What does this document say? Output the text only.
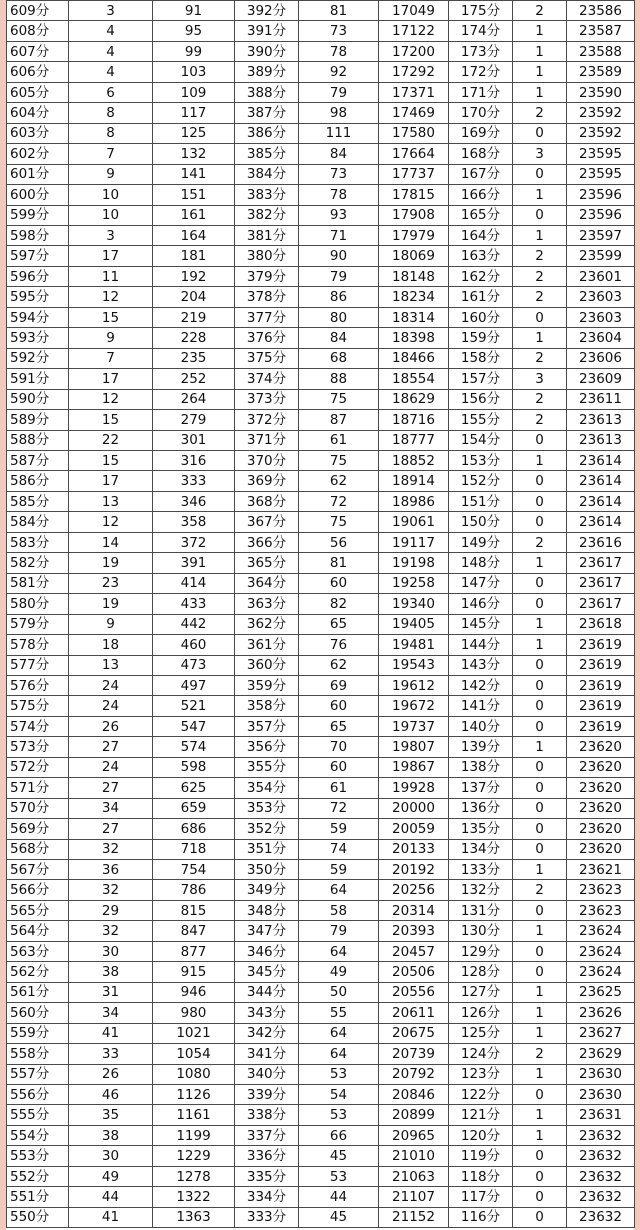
609分	3	91	392分	81	17049	175分	2	23586
608分	4	95	391分	73	17122	174分	1	23587
607分	4	99	390分	78	17200	173分	1	23588
606分	4	103	389分	92	17292	172分	1	23589
605分	6	109	388分	79	17371	171分	1	23590
604分	8	117	387分	98	17469	170分	2	23592
603分	8	125	386分	111	17580	169分	0	23592
602分	7	132	385分	84	17664	168分	3	23595
601分	9	141	384分	73	17737	167分	0	23595
600分	10	151	383分	78	17815	166分	1	23596
599分	10	161	382分	93	17908	165分	0	23596
598分	3	164	381分	71	17979	164分	1	23597
597分	17	181	380分	90	18069	163分	2	23599
596分	11	192	379分	79	18148	162分	2	23601
595分	12	204	378分	86	18234	161分	2	23603
594分	15	219	377分	80	18314	160分	0	23603
593分	9	228	376分	84	18398	159分	1	23604
592分	7	235	375分	68	18466	158分	2	23606
591分	17	252	374分	88	18554	157分	3	23609
590分	12	264	373分	75	18629	156分	2	23611
589分	15	279	372分	87	18716	155分	2	23613
588分	22	301	371分	61	18777	154分	0	23613
587分	15	316	370分	75	18852	153分	1	23614
586分	17	333	369分	62	18914	152分	0	23614
585分	13	346	368分	72	18986	151分	0	23614
584分	12	358	367分	75	19061	150分	0	23614
583分	14	372	366分	56	19117	149分	2	23616
582分	19	391	365分	81	19198	148分	1	23617
581分	23	414	364分	60	19258	147分	0	23617
580分	19	433	363分	82	19340	146分	0	23617
579分	9	442	362分	65	19405	145分	1	23618
578分	18	460	361分	76	19481	144分	1	23619
577分	13	473	360分	62	19543	143分	0	23619
576分	24	497	359分	69	19612	142分	0	23619
575分	24	521	358分	60	19672	141分	0	23619
574分	26	547	357分	65	19737	140分	0	23619
573分	27	574	356分	70	19807	139分	1	23620
572分	24	598	355分	60	19867	138分	0	23620
571分	27	625	354分	61	19928	137分	0	23620
570分	34	659	353分	72	20000	136分	0	23620
569分	27	686	352分	59	20059	135分	0	23620
568分	32	718	351分	74	20133	134分	0	23620
567分	36	754	350分	59	20192	133分	1	23621
566分	32	786	349分	64	20256	132分	2	23623
565分	29	815	348分	58	20314	131分	0	23623
564分	32	847	347分	79	20393	130分	1	23624
563分	30	877	346分	64	20457	129分	0	23624
562分	38	915	345分	49	20506	128分	0	23624
561分	31	946	344分	50	20556	127分	1	23625
560分	34	980	343分	55	20611	126分	1	23626
559分	41	1021	342分	64	20675	125分	1	23627
558分	33	1054	341分	64	20739	124分	2	23629
557分	26	1080	340分	53	20792	123分	1	23630
556分	46	1126	339分	54	20846	122分	0	23630
555分	35	1161	338分	53	20899	121分	1	23631
554分	38	1199	337分	66	20965	120分	1	23632
553分	30	1229	336分	45	21010	119分	0	23632
552分	49	1278	335分	53	21063	118分	0	23632
551分	44	1322	334分	44	21107	117分	0	23632
550分	41	1363	333分	45	21152	116分	0	23632
